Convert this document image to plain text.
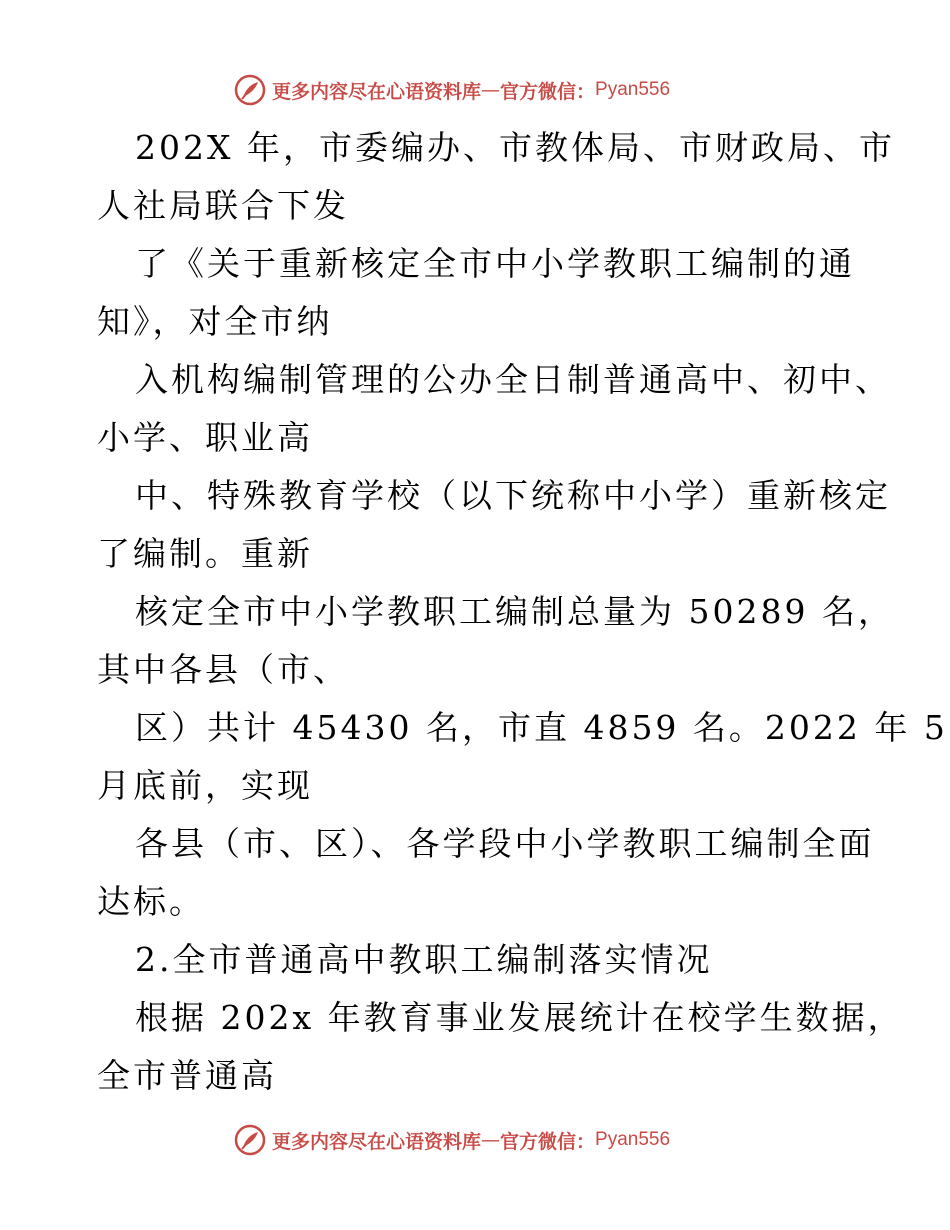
更多内容尽在心语资料库 — 官方微信： Pyan556
202X 年，市委编办、市教体局、市财政局、市
人社局联合下发
了《关于重新核定全市中小学教职工编制的通
知》，对全市纳
入机构编制管理的公办全日制普通高中、初中、
小学、职业高
中、特殊教育学校（以下统称中小学）重新核定
了编制。重新
核定全市中小学教职工编制总量为 50289 名，
其中各县（市、
区）共计 45430 名，市直 4859 名。2022 年 5
月底前，实现
各县（市、区）、各学段中小学教职工编制全面
达标。
2.全市普通高中教职工编制落实情况
根据 202x 年教育事业发展统计在校学生数据，
全市普通高
更多内容尽在心语资料库 — 官方微信： Pyan556
